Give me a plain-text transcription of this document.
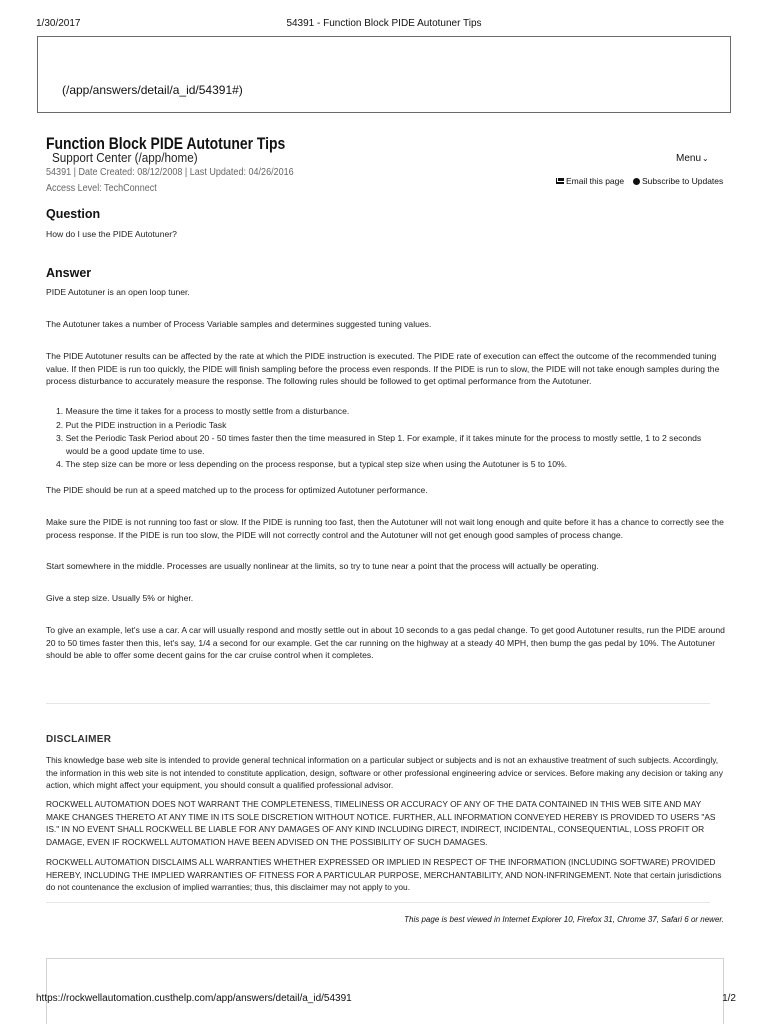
1/30/2017	54391 - Function Block PIDE Autotuner Tips
(/app/answers/detail/a_id/54391#)
Function Block PIDE Autotuner Tips
Support Center (/app/home)
54391 | Date Created: 08/12/2008 | Last Updated: 04/26/2016
Access Level: TechConnect
Menu⌄
Email this page	Subscribe to Updates
Question

How do I use the PIDE Autotuner?

Answer

PIDE Autotuner is an open loop tuner.

The Autotuner takes a number of Process Variable samples and determines suggested tuning values.

The PIDE Autotuner results can be affected by the rate at which the PIDE instruction is executed. The PIDE rate of execution can effect the outcome of the recommended tuning value. If then PIDE is run too quickly, the PIDE will finish sampling before the process even responds. If the PIDE is run to slow, the PIDE will not take enough samples during the process disturbance to accurately measure the response. The following rules should be followed to get optimal performance from the Autotuner.

1. Measure the time it takes for a process to mostly settle from a disturbance.
2. Put the PIDE instruction in a Periodic Task
3. Set the Periodic Task Period about 20 - 50 times faster then the time measured in Step 1. For example, if it takes minute for the process to mostly settle, 1 to 2 seconds would be a good update time to use.
4. The step size can be more or less depending on the process response, but a typical step size when using the Autotuner is 5 to 10%.

The PIDE should be run at a speed matched up to the process for optimized Autotuner performance.

Make sure the PIDE is not running too fast or slow. If the PIDE is running too fast, then the Autotuner will not wait long enough and quite before it has a chance to correctly see the process response. If the PIDE is run too slow, the PIDE will not correctly control and the Autotuner will not get enough good samples of process change.

Start somewhere in the middle. Processes are usually nonlinear at the limits, so try to tune near a point that the process will actually be operating.

Give a step size. Usually 5% or higher.

To give an example, let's use a car. A car will usually respond and mostly settle out in about 10 seconds to a gas pedal change. To get good Autotuner results, run the PIDE around 20 to 50 times faster then this, let's say, 1/4 a second for our example. Get the car running on the highway at a steady 40 MPH, then bump the gas pedal by 10%. The Autotuner should be able to offer some decent gains for the car cruise control when it completes.

DISCLAIMER

This knowledge base web site is intended to provide general technical information on a particular subject or subjects and is not an exhaustive treatment of such subjects. Accordingly, the information in this web site is not intended to constitute application, design, software or other professional engineering advice or services. Before making any decision or taking any action, which might affect your equipment, you should consult a qualified professional advisor.

ROCKWELL AUTOMATION DOES NOT WARRANT THE COMPLETENESS, TIMELINESS OR ACCURACY OF ANY OF THE DATA CONTAINED IN THIS WEB SITE AND MAY MAKE CHANGES THERETO AT ANY TIME IN ITS SOLE DISCRETION WITHOUT NOTICE. FURTHER, ALL INFORMATION CONVEYED HEREBY IS PROVIDED TO USERS "AS IS." IN NO EVENT SHALL ROCKWELL BE LIABLE FOR ANY DAMAGES OF ANY KIND INCLUDING DIRECT, INDIRECT, INCIDENTAL, CONSEQUENTIAL, LOSS PROFIT OR DAMAGE, EVEN IF ROCKWELL AUTOMATION HAVE BEEN ADVISED ON THE POSSIBILITY OF SUCH DAMAGES.

ROCKWELL AUTOMATION DISCLAIMS ALL WARRANTIES WHETHER EXPRESSED OR IMPLIED IN RESPECT OF THE INFORMATION (INCLUDING SOFTWARE) PROVIDED HEREBY, INCLUDING THE IMPLIED WARRANTIES OF FITNESS FOR A PARTICULAR PURPOSE, MERCHANTABILITY, AND NON-INFRINGEMENT. Note that certain jurisdictions do not countenance the exclusion of implied warranties; thus, this disclaimer may not apply to you.

This page is best viewed in Internet Explorer 10, Firefox 31, Chrome 37, Safari 6 or newer.
https://rockwellautomation.custhelp.com/app/answers/detail/a_id/54391	1/2
